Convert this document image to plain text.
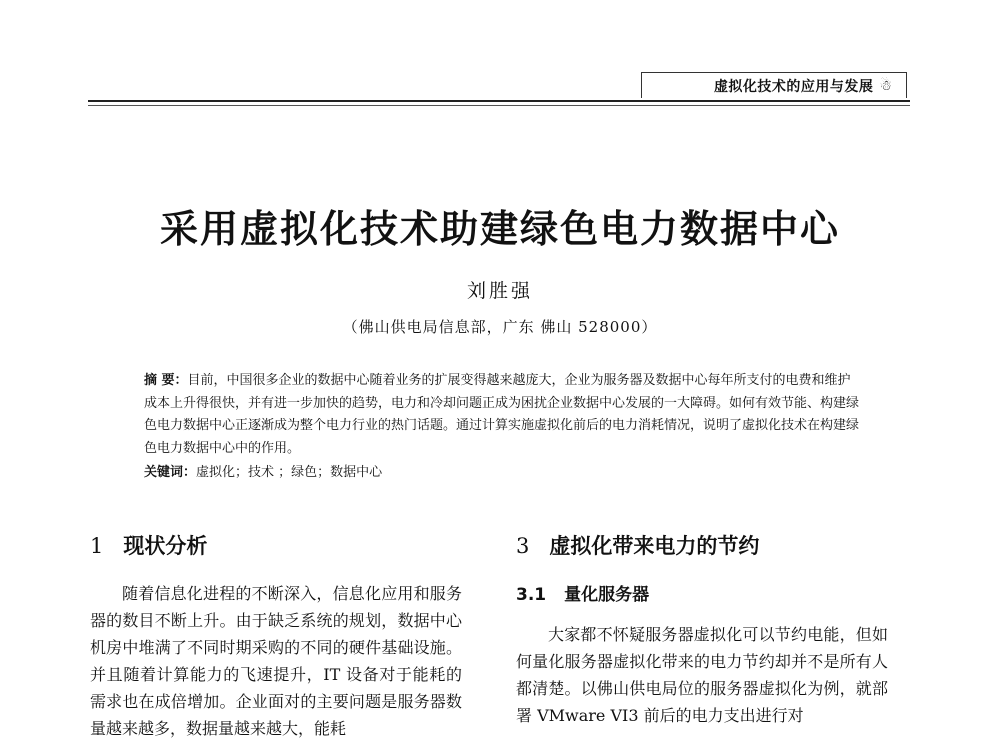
虚拟化技术的应用与发展 ☃
采用虚拟化技术助建绿色电力数据中心
刘胜强
（佛山供电局信息部，广东 佛山 528000）
摘 要：目前，中国很多企业的数据中心随着业务的扩展变得越来越庞大，企业为服务器及数据中心每年所支付的电费和维护成本上升得很快，并有进一步加快的趋势，电力和冷却问题正成为困扰企业数据中心发展的一大障碍。如何有效节能、构建绿色电力数据中心正逐渐成为整个电力行业的热门话题。通过计算实施虚拟化前后的电力消耗情况，说明了虚拟化技术在构建绿色电力数据中心中的作用。
关键词：虚拟化；技术 ；绿色；数据中心
1 现状分析

随着信息化进程的不断深入，信息化应用和服务器的数目不断上升。由于缺乏系统的规划，数据中心机房中堆满了不同时期采购的不同的硬件基础设施。并且随着计算能力的飞速提升，IT 设备对于能耗的需求也在成倍增加。企业面对的主要问题是服务器数量越来越多，数据量越来越大，能耗

3 虚拟化带来电力的节约
3.1 量化服务器

大家都不怀疑服务器虚拟化可以节约电能，但如何量化服务器虚拟化带来的电力节约却并不是所有人都清楚。以佛山供电局位的服务器虚拟化为例，就部署 VMware VI3 前后的电力支出进行对
